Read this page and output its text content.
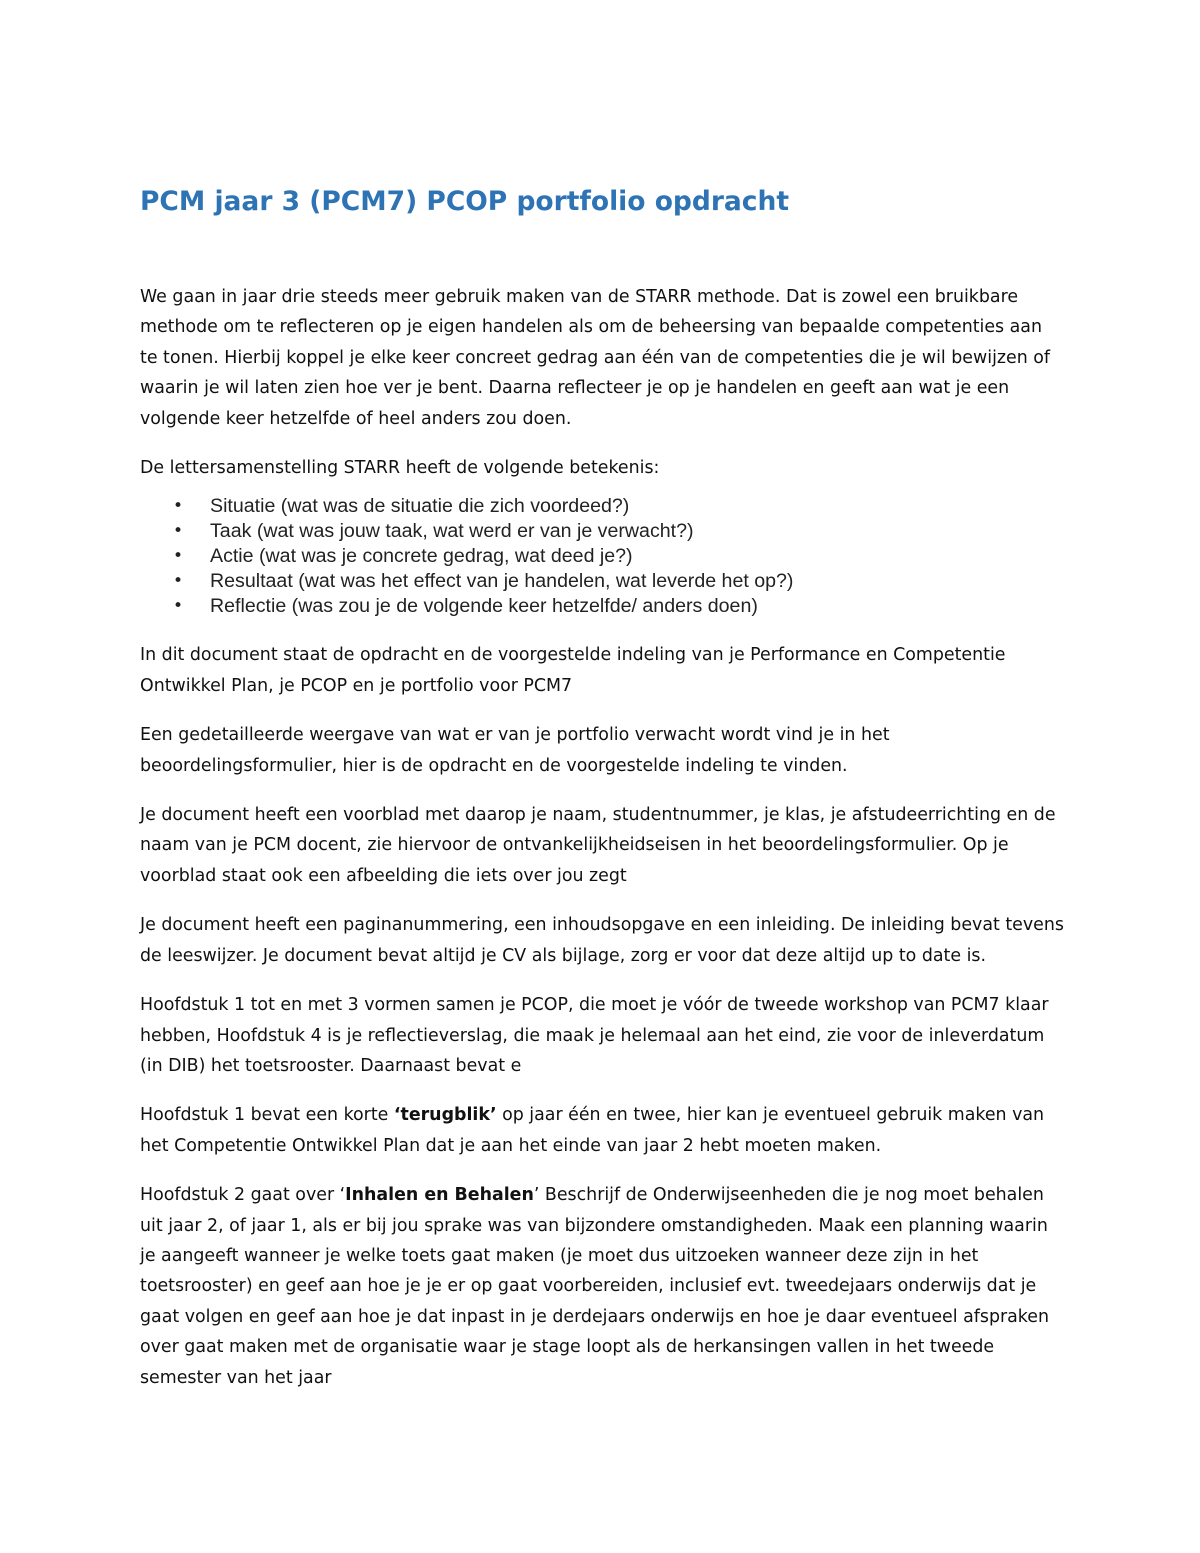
PCM jaar 3 (PCM7) PCOP portfolio opdracht

We gaan in jaar drie steeds meer gebruik maken van de STARR methode. Dat is zowel een bruikbare methode om te reflecteren op je eigen handelen als om de beheersing van bepaalde competenties aan te tonen. Hierbij koppel je elke keer concreet gedrag aan één van de competenties die je wil bewijzen of waarin je wil laten zien hoe ver je bent. Daarna reflecteer je op je handelen en geeft aan wat je een volgende keer hetzelfde of heel anders zou doen.

De lettersamenstelling STARR heeft de volgende betekenis:

• Situatie (wat was de situatie die zich voordeed?)
• Taak (wat was jouw taak, wat werd er van je verwacht?)
• Actie (wat was je concrete gedrag, wat deed je?)
• Resultaat (wat was het effect van je handelen, wat leverde het op?)
• Reflectie (was zou je de volgende keer hetzelfde/ anders doen)

In dit document staat de opdracht en de voorgestelde indeling van je Performance en Competentie Ontwikkel Plan, je PCOP en je portfolio voor PCM7

Een gedetailleerde weergave van wat er van je portfolio verwacht wordt vind je in het beoordelingsformulier, hier is de opdracht en de voorgestelde indeling te vinden.

Je document heeft een voorblad met daarop je naam, studentnummer, je klas, je afstudeerrichting en de naam van je PCM docent, zie hiervoor de ontvankelijkheidseisen in het beoordelingsformulier. Op je voorblad staat ook een afbeelding die iets over jou zegt

Je document heeft een paginanummering, een inhoudsopgave en een inleiding. De inleiding bevat tevens de leeswijzer. Je document bevat altijd je CV als bijlage, zorg er voor dat deze altijd up to date is.

Hoofdstuk 1 tot en met 3 vormen samen je PCOP, die moet je vóór de tweede workshop van PCM7 klaar hebben, Hoofdstuk 4 is je reflectieverslag, die maak je helemaal aan het eind, zie voor de inleverdatum (in DIB) het toetsrooster. Daarnaast bevat e

Hoofdstuk 1 bevat een korte ‘terugblik’ op jaar één en twee, hier kan je eventueel gebruik maken van het Competentie Ontwikkel Plan dat je aan het einde van jaar 2 hebt moeten maken.

Hoofdstuk 2 gaat over ‘Inhalen en Behalen’ Beschrijf de Onderwijseenheden die je nog moet behalen uit jaar 2, of jaar 1, als er bij jou sprake was van bijzondere omstandigheden. Maak een planning waarin je aangeeft wanneer je welke toets gaat maken (je moet dus uitzoeken wanneer deze zijn in het toetsrooster) en geef aan hoe je je er op gaat voorbereiden, inclusief evt. tweedejaars onderwijs dat je gaat volgen en geef aan hoe je dat inpast in je derdejaars onderwijs en hoe je daar eventueel afspraken over gaat maken met de organisatie waar je stage loopt als de herkansingen vallen in het tweede semester van het jaar
